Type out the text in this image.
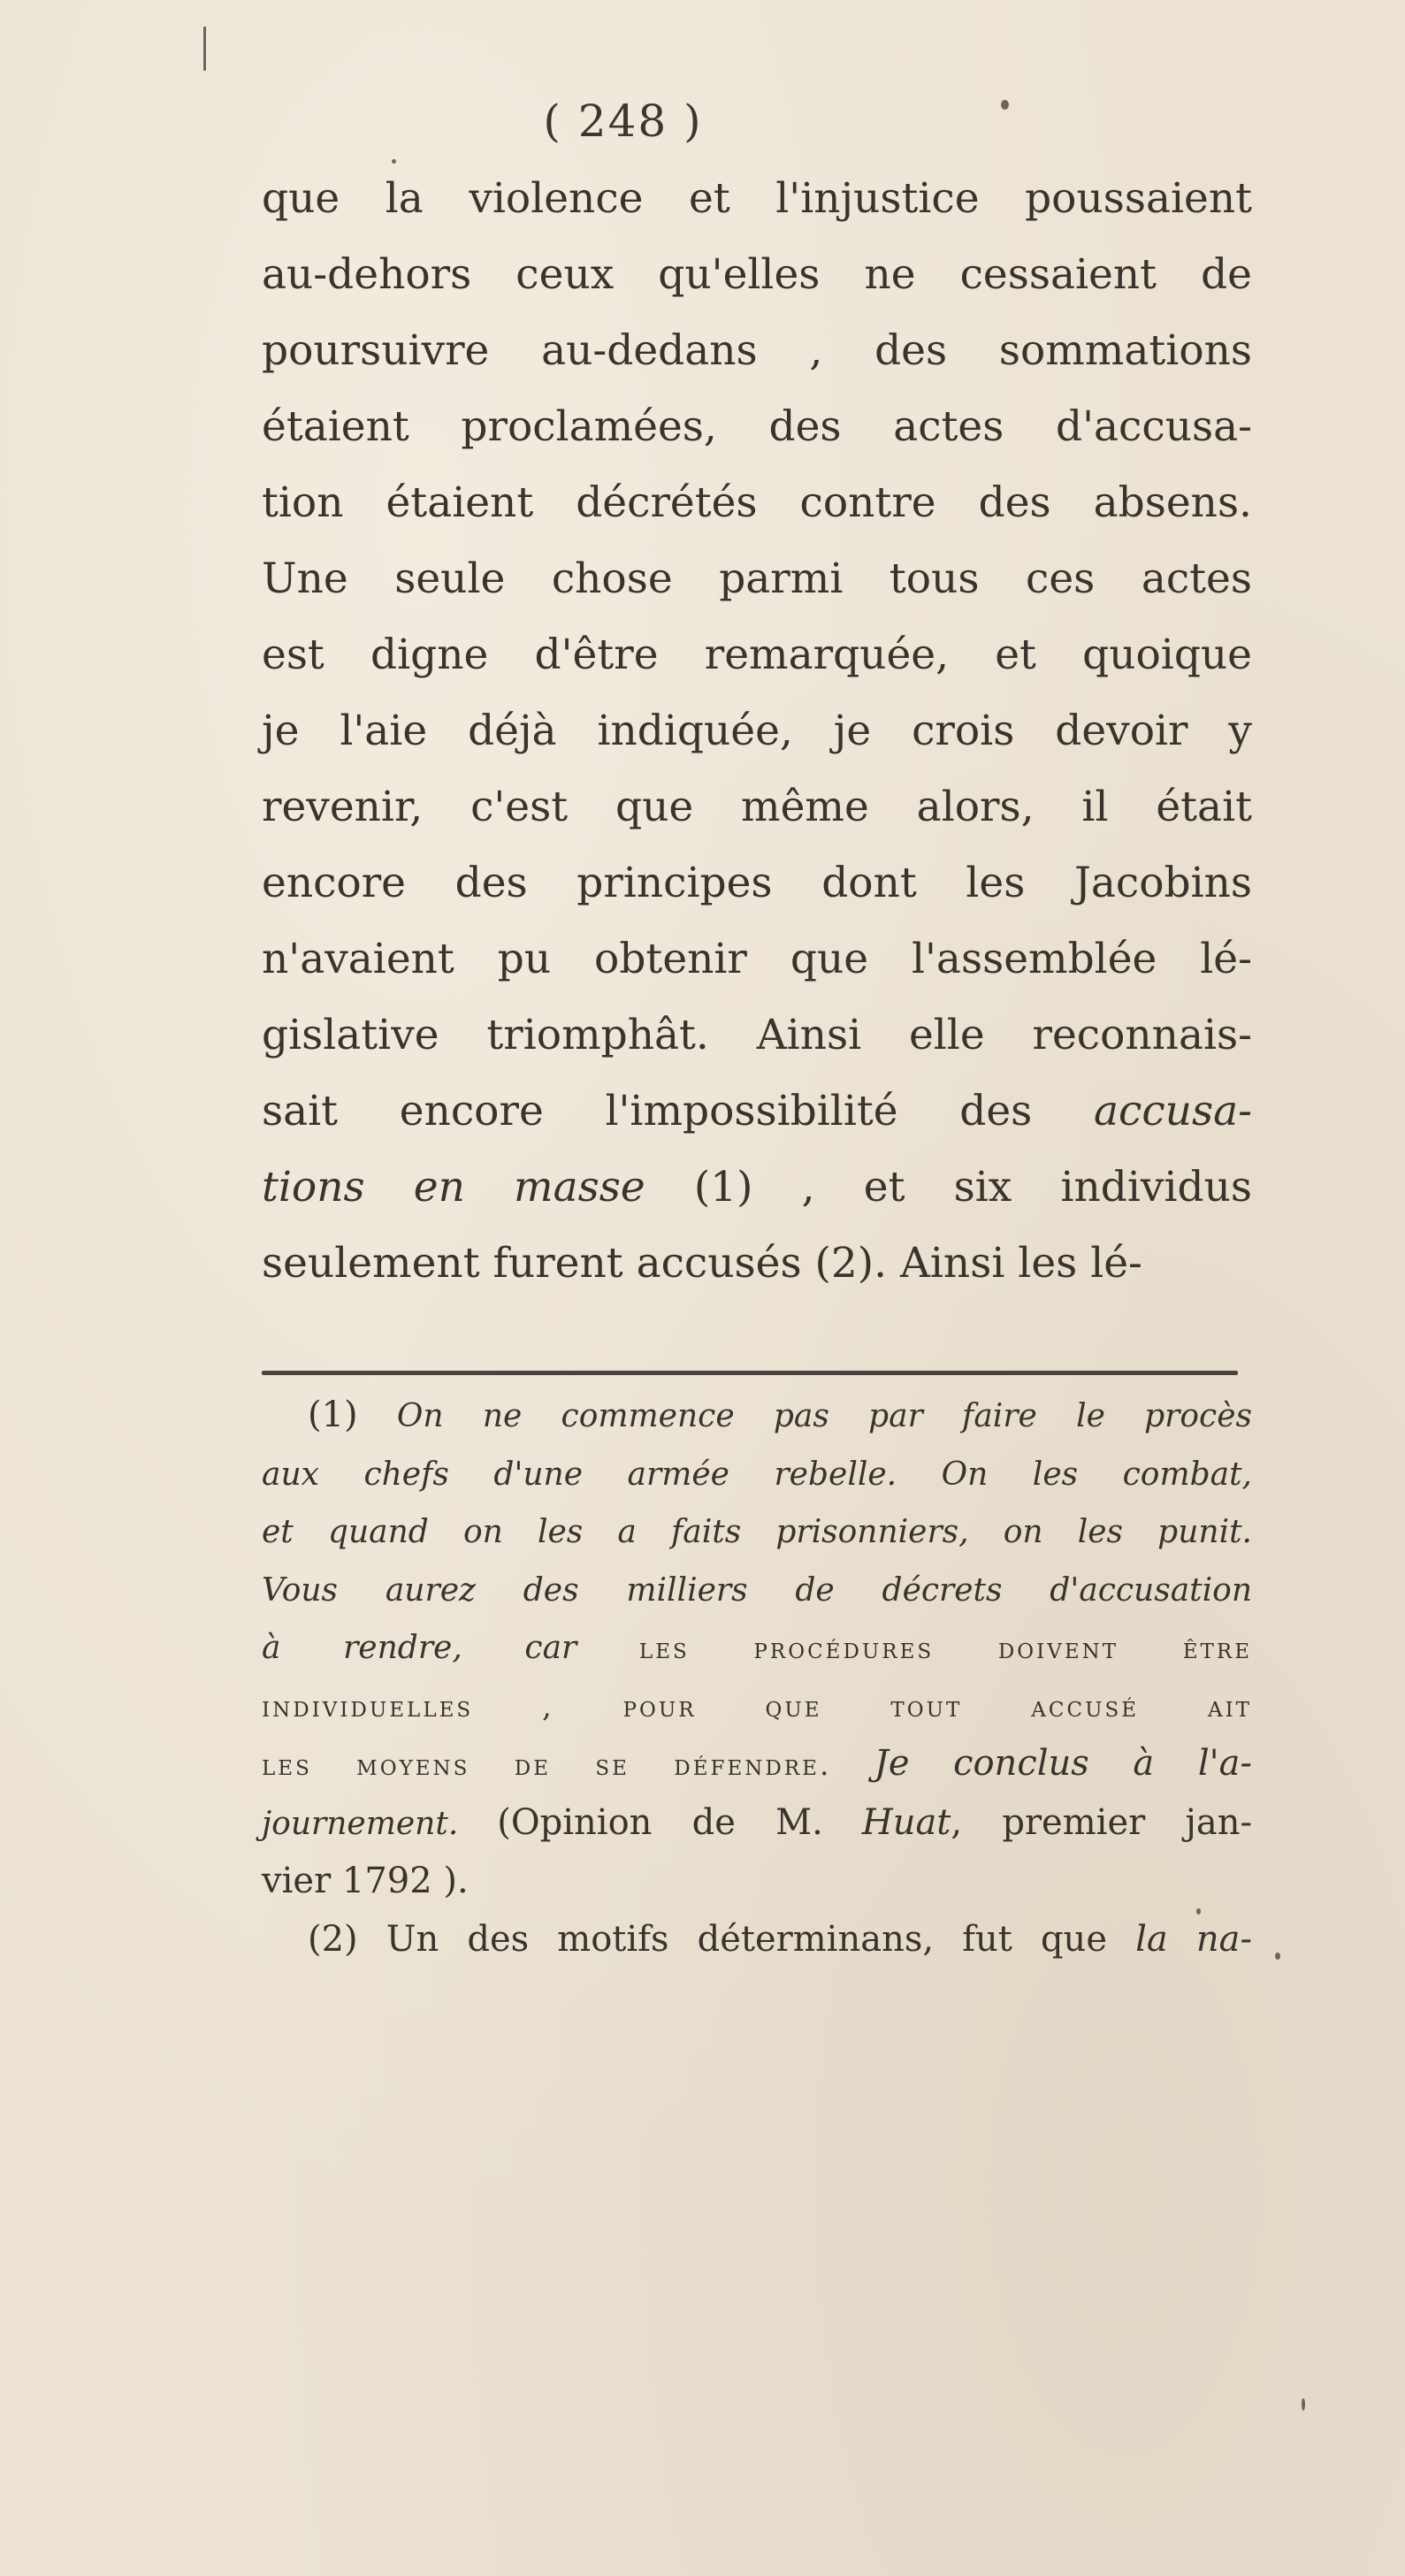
( 248 )
que la violence et l'injustice poussaient
au-dehors ceux qu'elles ne cessaient de
poursuivre au-dedans , des sommations
étaient proclamées, des actes d'accusa-
tion étaient décrétés contre des absens.
Une seule chose parmi tous ces actes
est digne d'être remarquée, et quoique
je l'aie déjà indiquée, je crois devoir y
revenir, c'est que même alors, il était
encore des principes dont les Jacobins
n'avaient pu obtenir que l'assemblée lé-
gislative triomphât. Ainsi elle reconnais-
sait encore l'impossibilité des accusa-
tions en masse (1) , et six individus
seulement furent accusés (2). Ainsi les lé-
(1) On ne commence pas par faire le procès
aux chefs d'une armée rebelle. On les combat,
et quand on les a faits prisonniers, on les punit.
Vous aurez des milliers de décrets d'accusation
à rendre, car les procédures doivent être
individuelles , pour que tout accusé ait
les moyens de se défendre. Je conclus à l'a-
journement. (Opinion de M. Huat, premier jan-
vier 1792 ).
(2) Un des motifs déterminans, fut que la na-
